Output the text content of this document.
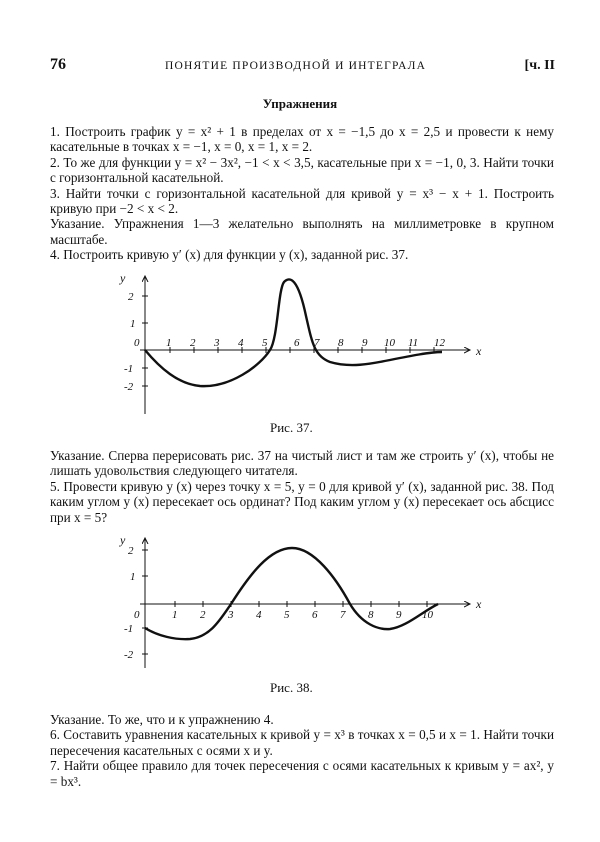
76	ПОНЯТИЕ ПРОИЗВОДНОЙ И ИНТЕГРАЛА	[ч. II
Упражнения

1. Построить график y = x² + 1 в пределах от x = −1,5 до x = 2,5 и провести к нему касательные в точках x = −1, x = 0, x = 1, x = 2.

2. То же для функции y = x² − 3x², −1 < x < 3,5, касательные при x = −1, 0, 3. Найти точки с горизонтальной касательной.

3. Найти точки с горизонтальной касательной для кривой y = x³ − x + 1. Построить кривую при −2 < x < 2.

Указание. Упражнения 1—3 желательно выполнять на миллиметровке в крупном масштабе.

4. Построить кривую y′ (x) для функции y (x), заданной рис. 37.

y
x
2
1
-1
-2
0 1 2 3 4 5 6 7 8 9 10 11 12
Рис. 37.

Указание. Сперва перерисовать рис. 37 на чистый лист и там же строить y′ (x), чтобы не лишать удовольствия следующего читателя.

5. Провести кривую y (x) через точку x = 5, y = 0 для кривой y′ (x), заданной рис. 38. Под каким углом y (x) пересекает ось ординат? Под каким углом y (x) пересекает ось абсцисс при x = 5?

y
x
2
1
-1
-2
0	1 2 3 4 5 6 7 8 9 10
Рис. 38.

Указание. То же, что и к упражнению 4.

6. Составить уравнения касательных к кривой y = x³ в точках x = 0,5 и x = 1. Найти точки пересечения касательных с осями x и y.

7. Найти общее правило для точек пересечения с осями касательных к кривым y = ax², y = bx³.
